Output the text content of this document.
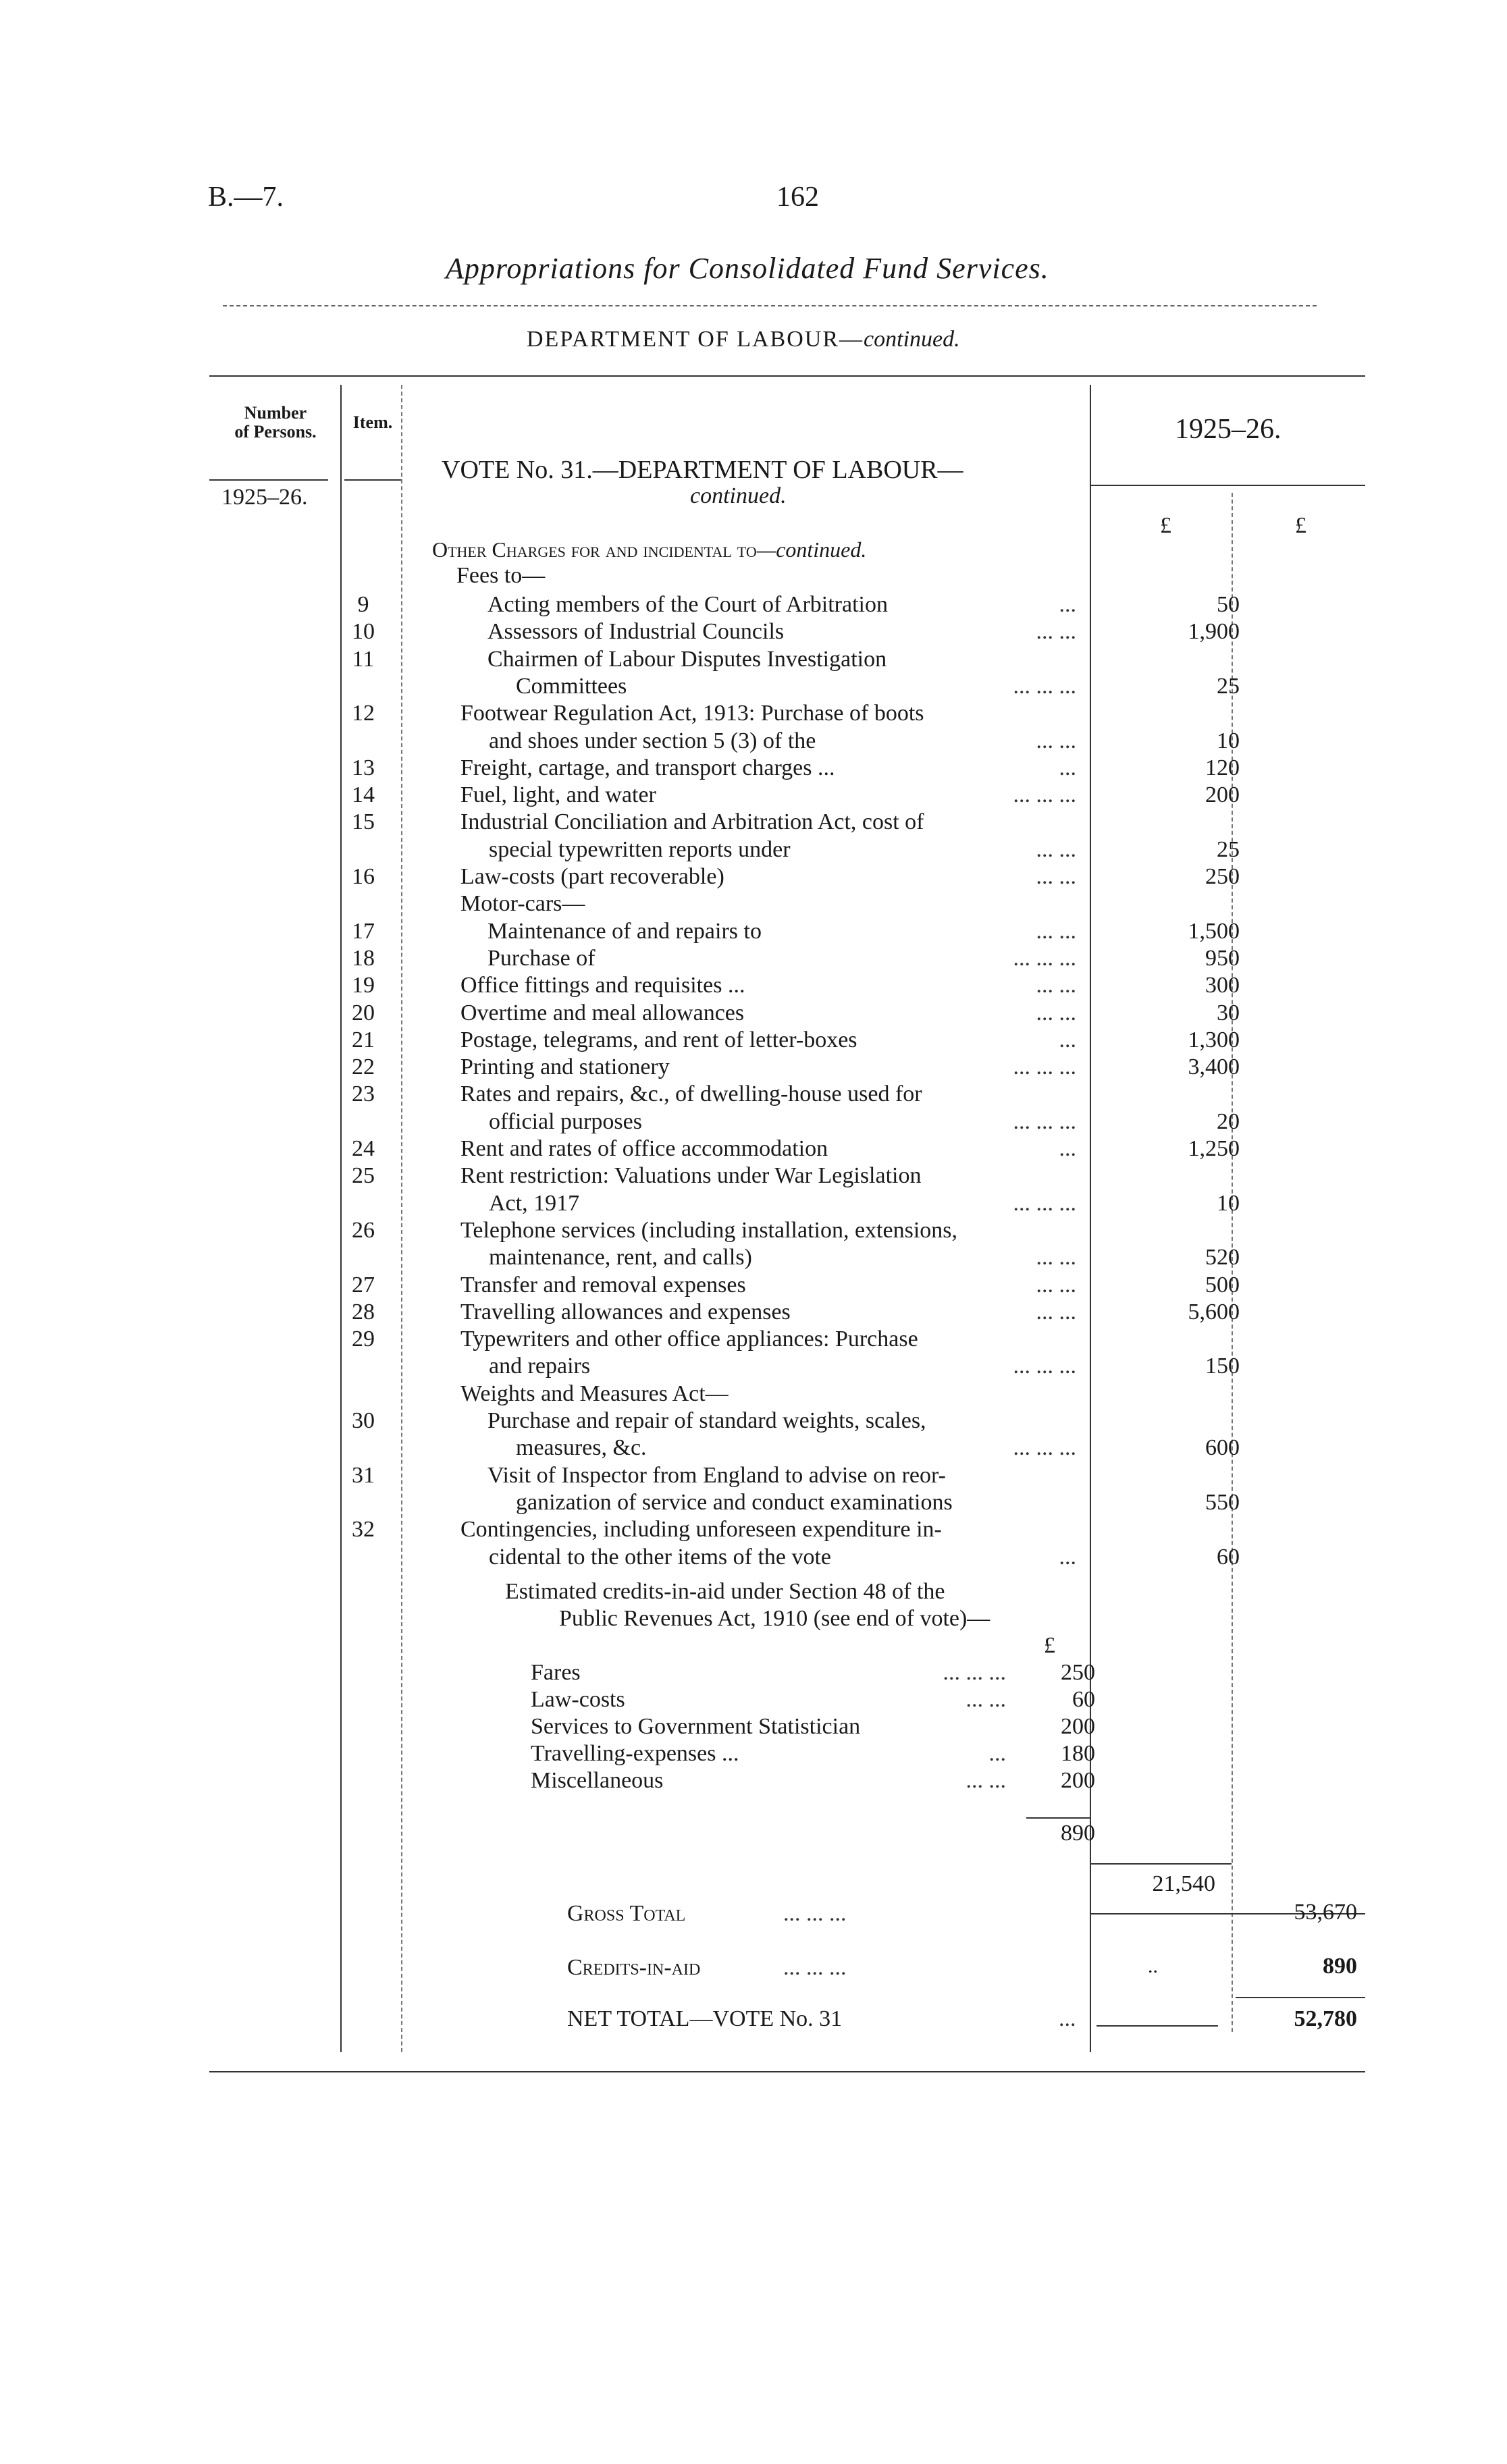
B.—7.	162
Appropriations for Consolidated Fund Services.
DEPARTMENT OF LABOUR—continued.
Number
of Persons.	Item.	1925–26.
1925–26.
£	£
VOTE No. 31.—DEPARTMENT OF LABOUR—
continued.
Other Charges for and incidental to—continued.
Fees to—
9	Acting members of the Court of Arbitration	...	50
10	Assessors of Industrial Councils	... ...	1,900
11	Chairmen of Labour Disputes Investigation
Committees	... ... ...	25
12	Footwear Regulation Act, 1913: Purchase of boots
and shoes under section 5 (3) of the	... ...	10
13	Freight, cartage, and transport charges ...	...	120
14	Fuel, light, and water	... ... ...	200
15	Industrial Conciliation and Arbitration Act, cost of
special typewritten reports under	... ...	25
16	Law-costs (part recoverable)	... ...	250
Motor-cars—
17	Maintenance of and repairs to	... ...	1,500
18	Purchase of	... ... ...	950
19	Office fittings and requisites ...	... ...	300
20	Overtime and meal allowances	... ...	30
21	Postage, telegrams, and rent of letter-boxes	...	1,300
22	Printing and stationery	... ... ...	3,400
23	Rates and repairs, &c., of dwelling-house used for
official purposes	... ... ...	20
24	Rent and rates of office accommodation	...	1,250
25	Rent restriction: Valuations under War Legislation
Act, 1917	... ... ...	10
26	Telephone services (including installation, extensions,
maintenance, rent, and calls)	... ...	520
27	Transfer and removal expenses	... ...	500
28	Travelling allowances and expenses	... ...	5,600
29	Typewriters and other office appliances: Purchase
and repairs	... ... ...	150
Weights and Measures Act—
30	Purchase and repair of standard weights, scales,
measures, &c.	... ... ...	600
31	Visit of Inspector from England to advise on reor-
ganization of service and conduct examinations	550
32	Contingencies, including unforeseen expenditure in-
cidental to the other items of the vote	...	60
Estimated credits-in-aid under Section 48 of the
Public Revenues Act, 1910 (see end of vote)—
£
Fares	... ... ...	250
Law-costs	... ...	60
Services to Government Statistician	200
Travelling-expenses ...	...	180
Miscellaneous	... ...	200
890
21,540
Gross Total	... ... ...	53,670
Credits-in-aid	... ... ...	..	890
NET TOTAL—VOTE No. 31	...	52,780
